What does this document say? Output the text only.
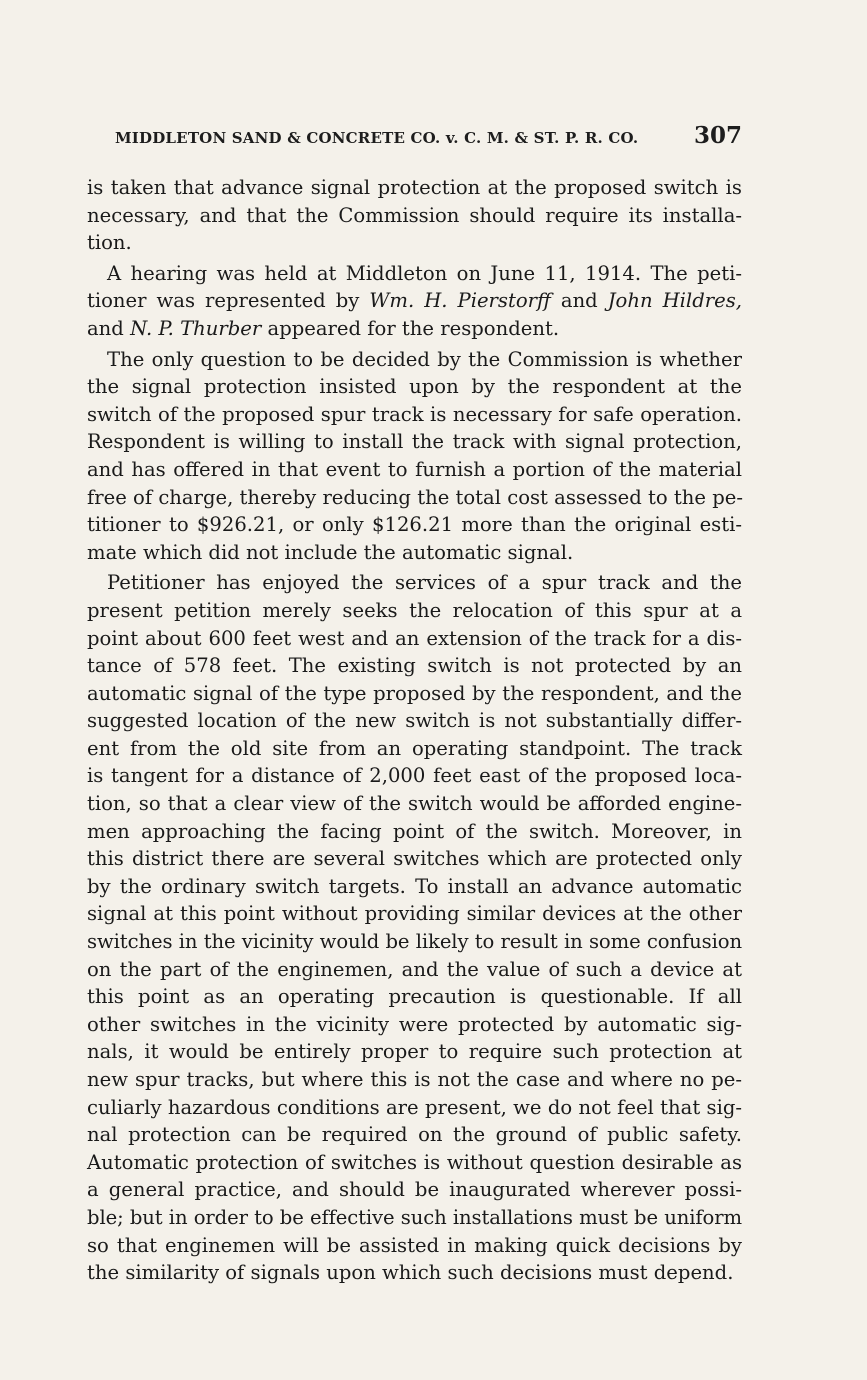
MIDDLETON SAND & CONCRETE CO. v. C. M. & ST. P. R. CO. 307

is taken that advance signal protection at the proposed switch is
necessary, and that the Commission should require its installa-
tion.

A hearing was held at Middleton on June 11, 1914. The peti-
tioner was represented by Wm. H. Pierstorff and John Hildres,
and N. P. Thurber appeared for the respondent.

The only question to be decided by the Commission is whether
the signal protection insisted upon by the respondent at the
switch of the proposed spur track is necessary for safe operation.
Respondent is willing to install the track with signal protection,
and has offered in that event to furnish a portion of the material
free of charge, thereby reducing the total cost assessed to the pe-
titioner to $926.21, or only $126.21 more than the original esti-
mate which did not include the automatic signal.

Petitioner has enjoyed the services of a spur track and the
present petition merely seeks the relocation of this spur at a
point about 600 feet west and an extension of the track for a dis-
tance of 578 feet. The existing switch is not protected by an
automatic signal of the type proposed by the respondent, and the
suggested location of the new switch is not substantially differ-
ent from the old site from an operating standpoint. The track
is tangent for a distance of 2,000 feet east of the proposed loca-
tion, so that a clear view of the switch would be afforded engine-
men approaching the facing point of the switch. Moreover, in
this district there are several switches which are protected only
by the ordinary switch targets. To install an advance automatic
signal at this point without providing similar devices at the other
switches in the vicinity would be likely to result in some confusion
on the part of the enginemen, and the value of such a device at
this point as an operating precaution is questionable. If all
other switches in the vicinity were protected by automatic sig-
nals, it would be entirely proper to require such protection at
new spur tracks, but where this is not the case and where no pe-
culiarly hazardous conditions are present, we do not feel that sig-
nal protection can be required on the ground of public safety.
Automatic protection of switches is without question desirable as
a general practice, and should be inaugurated wherever possi-
ble; but in order to be effective such installations must be uniform
so that enginemen will be assisted in making quick decisions by
the similarity of signals upon which such decisions must depend.
